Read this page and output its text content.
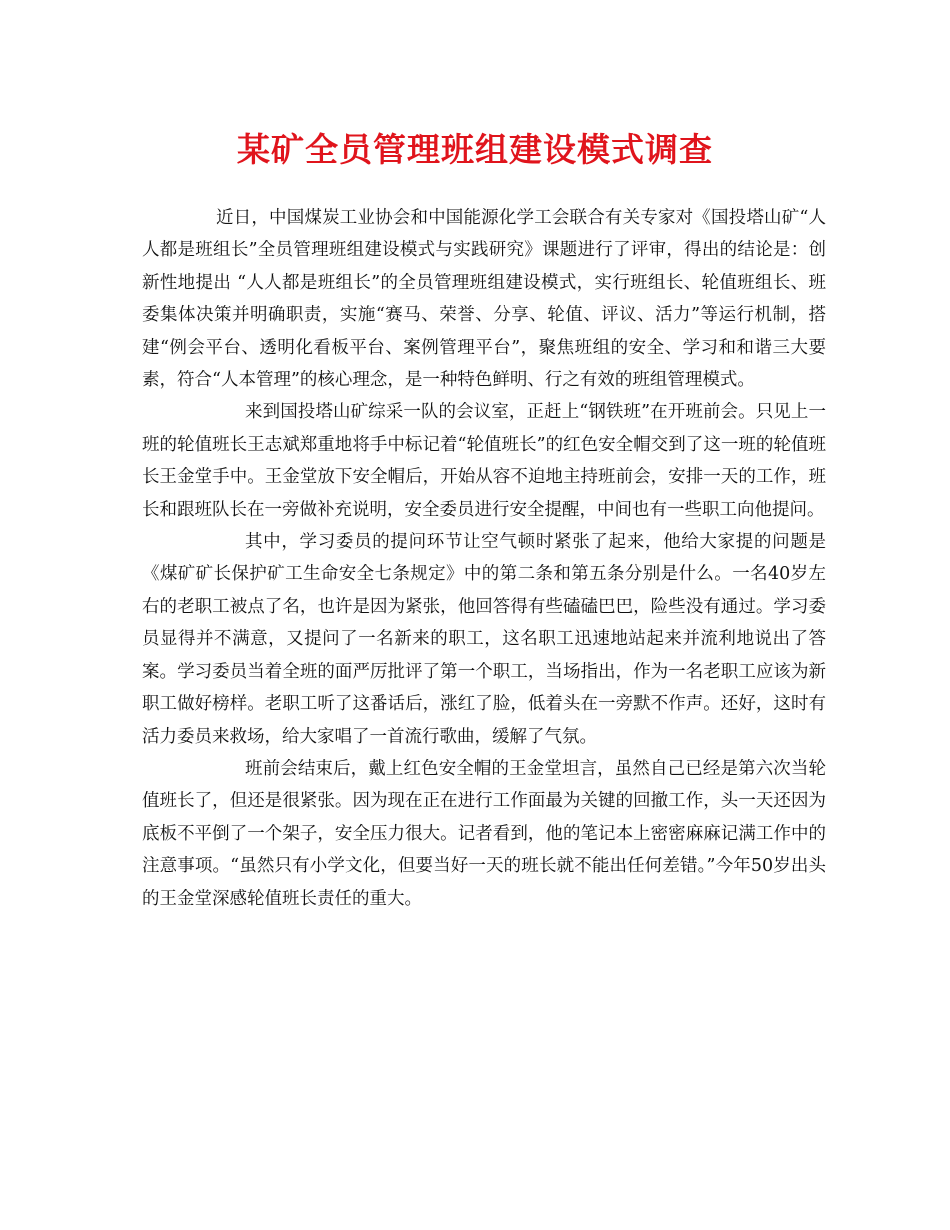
某矿全员管理班组建设模式调查

近日，中国煤炭工业协会和中国能源化学工会联合有关专家对《国投塔山矿“人人都是班组长”全员管理班组建设模式与实践研究》课题进行了评审，得出的结论是：创新性地提出 “人人都是班组长”的全员管理班组建设模式，实行班组长、轮值班组长、班委集体决策并明确职责，实施“赛马、荣誉、分享、轮值、评议、活力”等运行机制，搭建“例会平台、透明化看板平台、案例管理平台”，聚焦班组的安全、学习和和谐三大要素，符合“人本管理”的核心理念，是一种特色鲜明、行之有效的班组管理模式。

来到国投塔山矿综采一队的会议室，正赶上“钢铁班”在开班前会。只见上一班的轮值班长王志斌郑重地将手中标记着“轮值班长”的红色安全帽交到了这一班的轮值班长王金堂手中。王金堂放下安全帽后，开始从容不迫地主持班前会，安排一天的工作，班长和跟班队长在一旁做补充说明，安全委员进行安全提醒，中间也有一些职工向他提问。

其中，学习委员的提问环节让空气顿时紧张了起来，他给大家提的问题是《煤矿矿长保护矿工生命安全七条规定》中的第二条和第五条分别是什么。一名40岁左右的老职工被点了名，也许是因为紧张，他回答得有些磕磕巴巴，险些没有通过。学习委员显得并不满意，又提问了一名新来的职工，这名职工迅速地站起来并流利地说出了答案。学习委员当着全班的面严厉批评了第一个职工，当场指出，作为一名老职工应该为新职工做好榜样。老职工听了这番话后，涨红了脸，低着头在一旁默不作声。还好，这时有活力委员来救场，给大家唱了一首流行歌曲，缓解了气氛。

班前会结束后，戴上红色安全帽的王金堂坦言，虽然自己已经是第六次当轮值班长了，但还是很紧张。因为现在正在进行工作面最为关键的回撤工作，头一天还因为底板不平倒了一个架子，安全压力很大。记者看到，他的笔记本上密密麻麻记满工作中的注意事项。“虽然只有小学文化，但要当好一天的班长就不能出任何差错。”今年50岁出头的王金堂深感轮值班长责任的重大。
